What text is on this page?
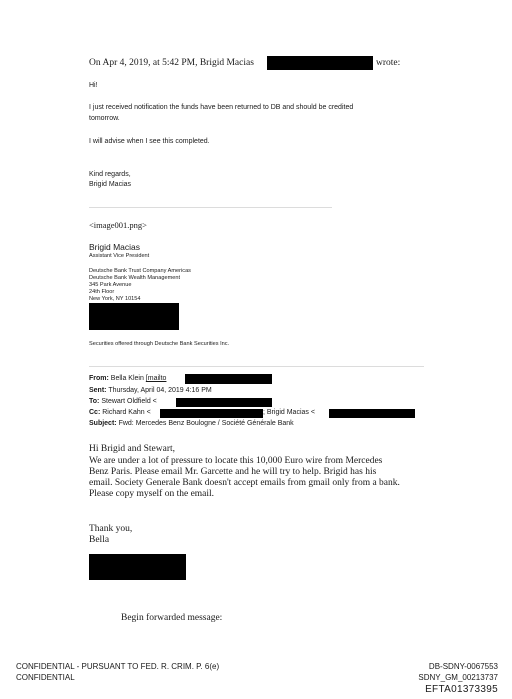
On Apr 4, 2019, at 5:42 PM, Brigid Macias	wrote:
Hi!
I just received notification the funds have been returned to DB and should be credited
tomorrow.
I will advise when I see this completed.
Kind regards,
Brigid Macias
<image001.png>
Brigid Macias
Assistant Vice President
Deutsche Bank Trust Company Americas
Deutsche Bank Wealth Management
345 Park Avenue
24th Floor
New York, NY 10154
Securities offered through Deutsche Bank Securities Inc.
From: Bella Klein [mailto
Sent: Thursday, April 04, 2019 4:16 PM
To: Stewart Oldfield <
Cc: Richard Kahn <	; Brigid Macias <
Subject: Fwd: Mercedes Benz Boulogne / Société Générale Bank
Hi Brigid and Stewart,
We are under a lot of pressure to locate this 10,000 Euro wire from Mercedes
Benz Paris. Please email Mr. Garcette and he will try to help. Brigid has his
email. Society Generale Bank doesn't accept emails from gmail only from a bank.
Please copy myself on the email.
Thank you,
Bella
Begin forwarded message:
CONFIDENTIAL - PURSUANT TO FED. R. CRIM. P. 6(e)
CONFIDENTIAL
DB-SDNY-0067553
SDNY_GM_00213737
EFTA01373395
